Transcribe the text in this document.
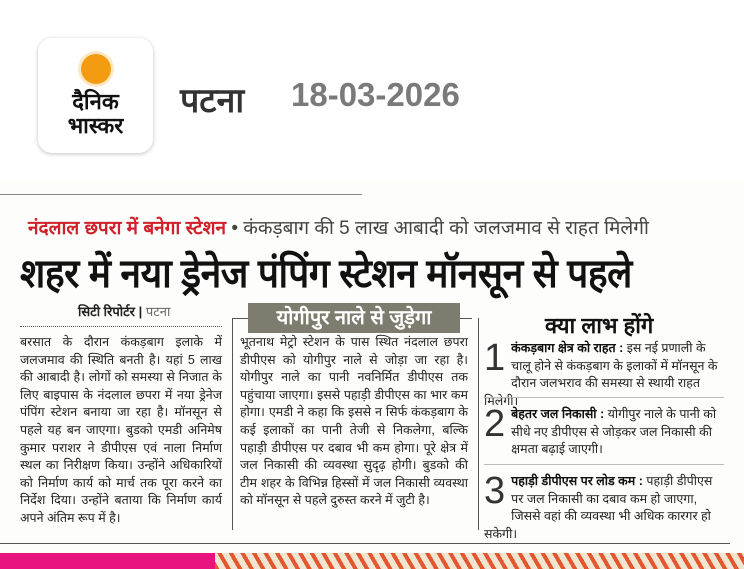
दैनिक
भास्कर
पटना 18-03-2026
नंदलाल छपरा में बनेगा स्टेशन • कंकड़बाग की 5 लाख आबादी को जलजमाव से राहत मिलेगी
शहर में नया ड्रेनेज पंपिंग स्टेशन मॉनसून से पहले
सिटी रिपोर्टर | पटना
बरसात के दौरान कंकड़बाग इलाके में जलजमाव की स्थिति बनती है। यहां 5 लाख की आबादी है। लोगों को समस्या से निजात के लिए बाइपास के नंदलाल छपरा में नया ड्रेनेज पंपिंग स्टेशन बनाया जा रहा है। मॉनसून से पहले यह बन जाएगा। बुडको एमडी अनिमेष कुमार पराशर ने डीपीएस एवं नाला निर्माण स्थल का निरीक्षण किया। उन्होंने अधिकारियों को निर्माण कार्य को मार्च तक पूरा करने का निर्देश दिया। उन्होंने बताया कि निर्माण कार्य अपने अंतिम रूप में है।
योगीपुर नाले से जुड़ेगा
भूतनाथ मेट्रो स्टेशन के पास स्थित नंदलाल छपरा डीपीएस को योगीपुर नाले से जोड़ा जा रहा है। योगीपुर नाले का पानी नवनिर्मित डीपीएस तक पहुंचाया जाएगा। इससे पहाड़ी डीपीएस का भार कम होगा। एमडी ने कहा कि इससे न सिर्फ कंकड़बाग के कई इलाकों का पानी तेजी से निकलेगा, बल्कि पहाड़ी डीपीएस पर दबाव भी कम होगा। पूरे क्षेत्र में जल निकासी की व्यवस्था सुदृढ़ होगी। बुडको की टीम शहर के विभिन्न हिस्सों में जल निकासी व्यवस्था को मॉनसून से पहले दुरुस्त करने में जुटी है।
क्या लाभ होंगे
1 कंकड़बाग क्षेत्र को राहत : इस नई प्रणाली के चालू होने से कंकड़बाग के इलाकों में मॉनसून के दौरान जलभराव की समस्या से स्थायी राहत मिलेगी।
2 बेहतर जल निकासी : योगीपुर नाले के पानी को सीधे नए डीपीएस से जोड़कर जल निकासी की क्षमता बढ़ाई जाएगी।
3 पहाड़ी डीपीएस पर लोड कम : पहाड़ी डीपीएस पर जल निकासी का दबाव कम हो जाएगा, जिससे वहां की व्यवस्था भी अधिक कारगर हो सकेगी।
